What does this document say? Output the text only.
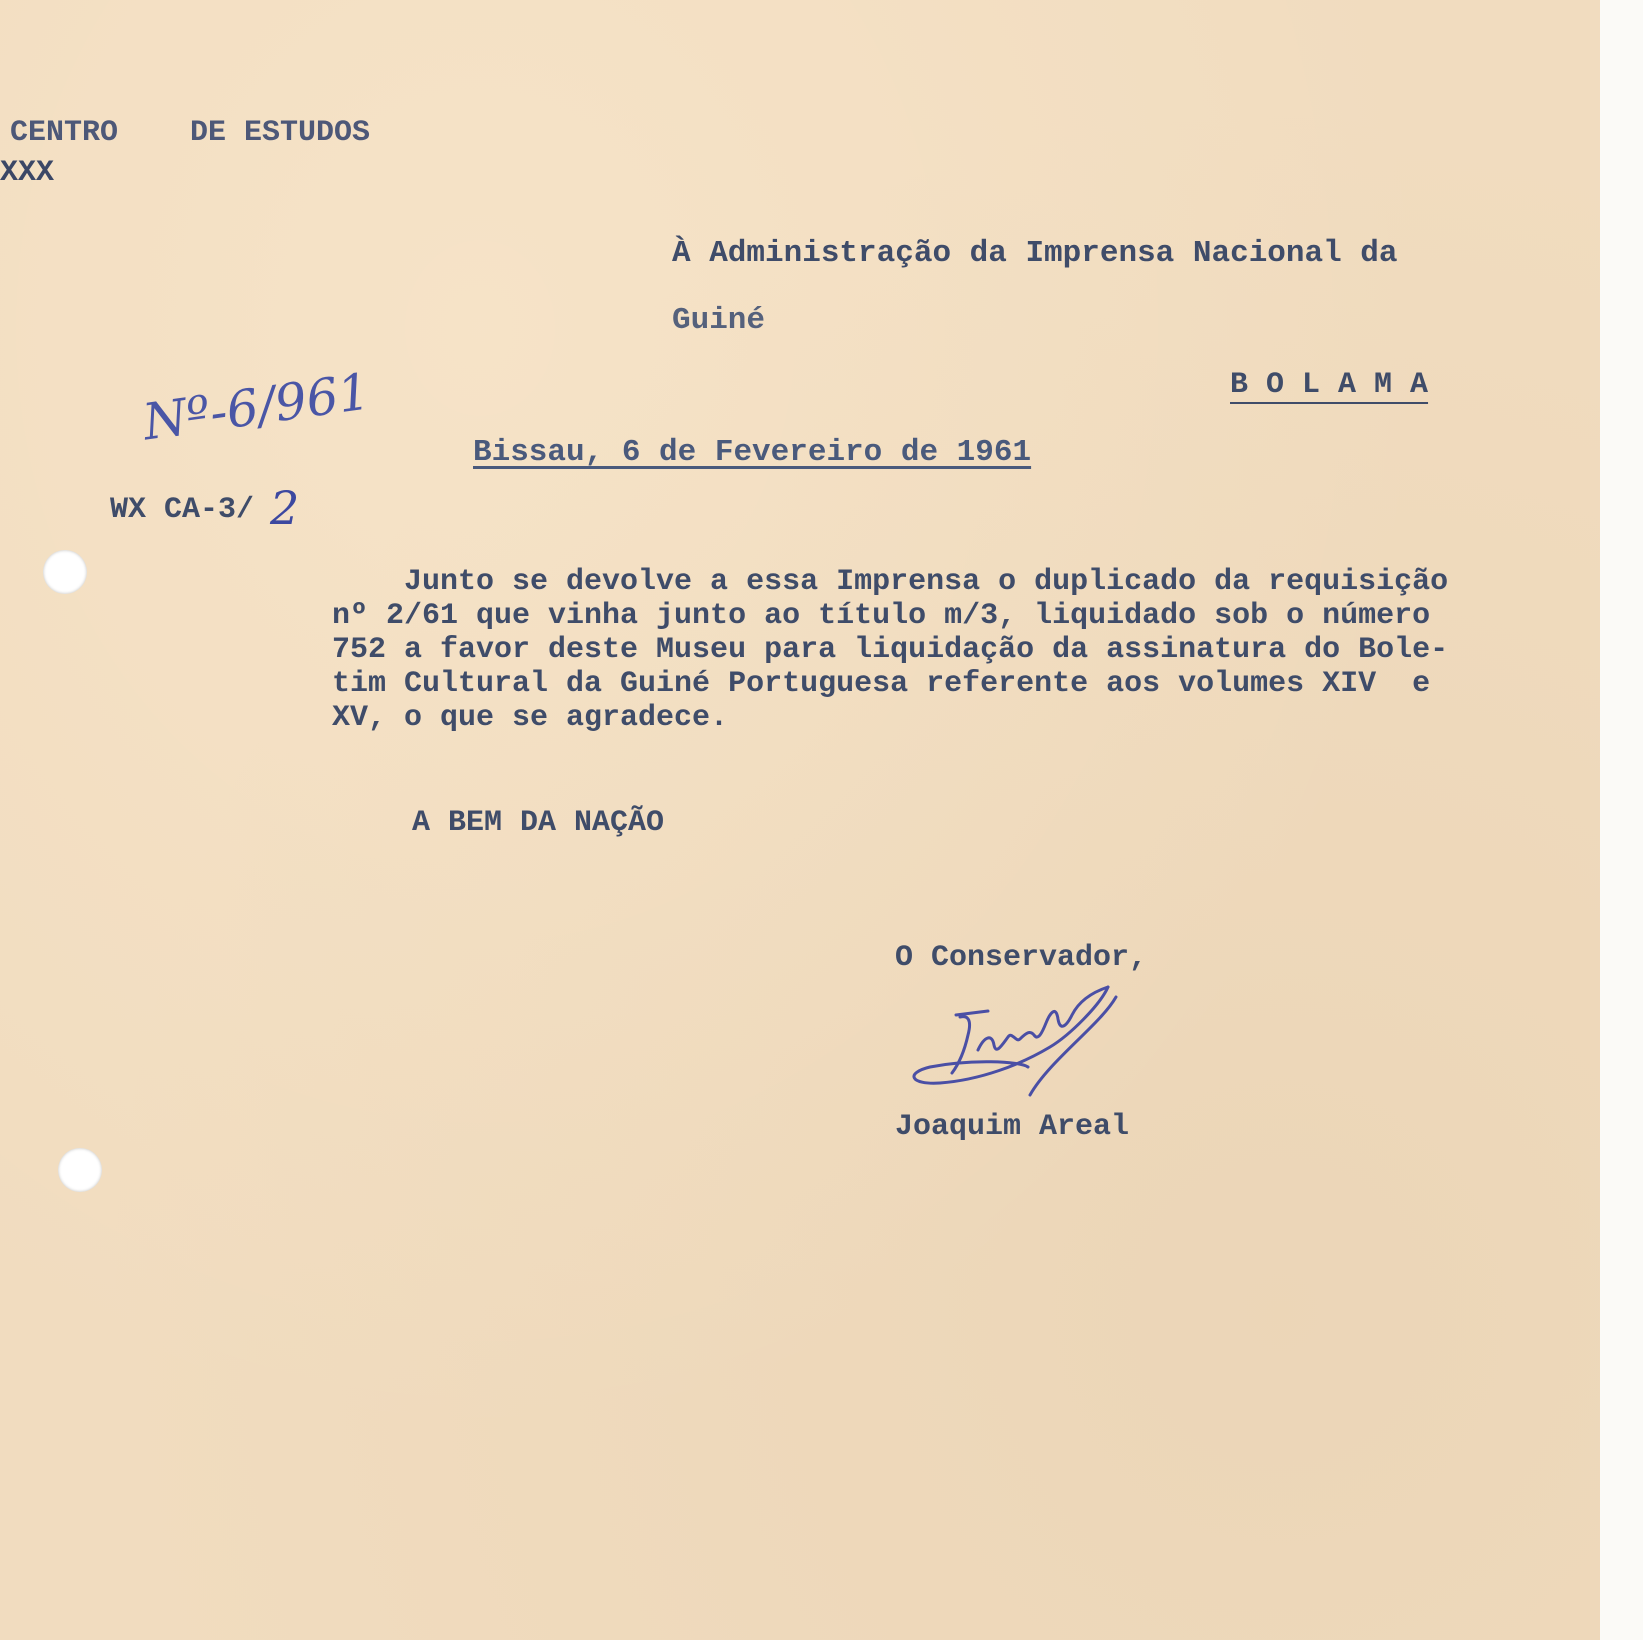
CENTRO    DE ESTUDOS
XXX
À Administração da Imprensa Nacional da
Guiné
B O L A M A
Nº-6/961
WX CA-3/ 2
Bissau, 6 de Fevereiro de 1961
Junto se devolve a essa Imprensa o duplicado da requisição
nº 2/61 que vinha junto ao título m/3, liquidado sob o número
752 a favor deste Museu para liquidação da assinatura do Bole-
tim Cultural da Guiné Portuguesa referente aos volumes XIV  e
XV, o que se agradece.
A BEM DA NAÇÃO
O Conservador,
Joaquim Areal
